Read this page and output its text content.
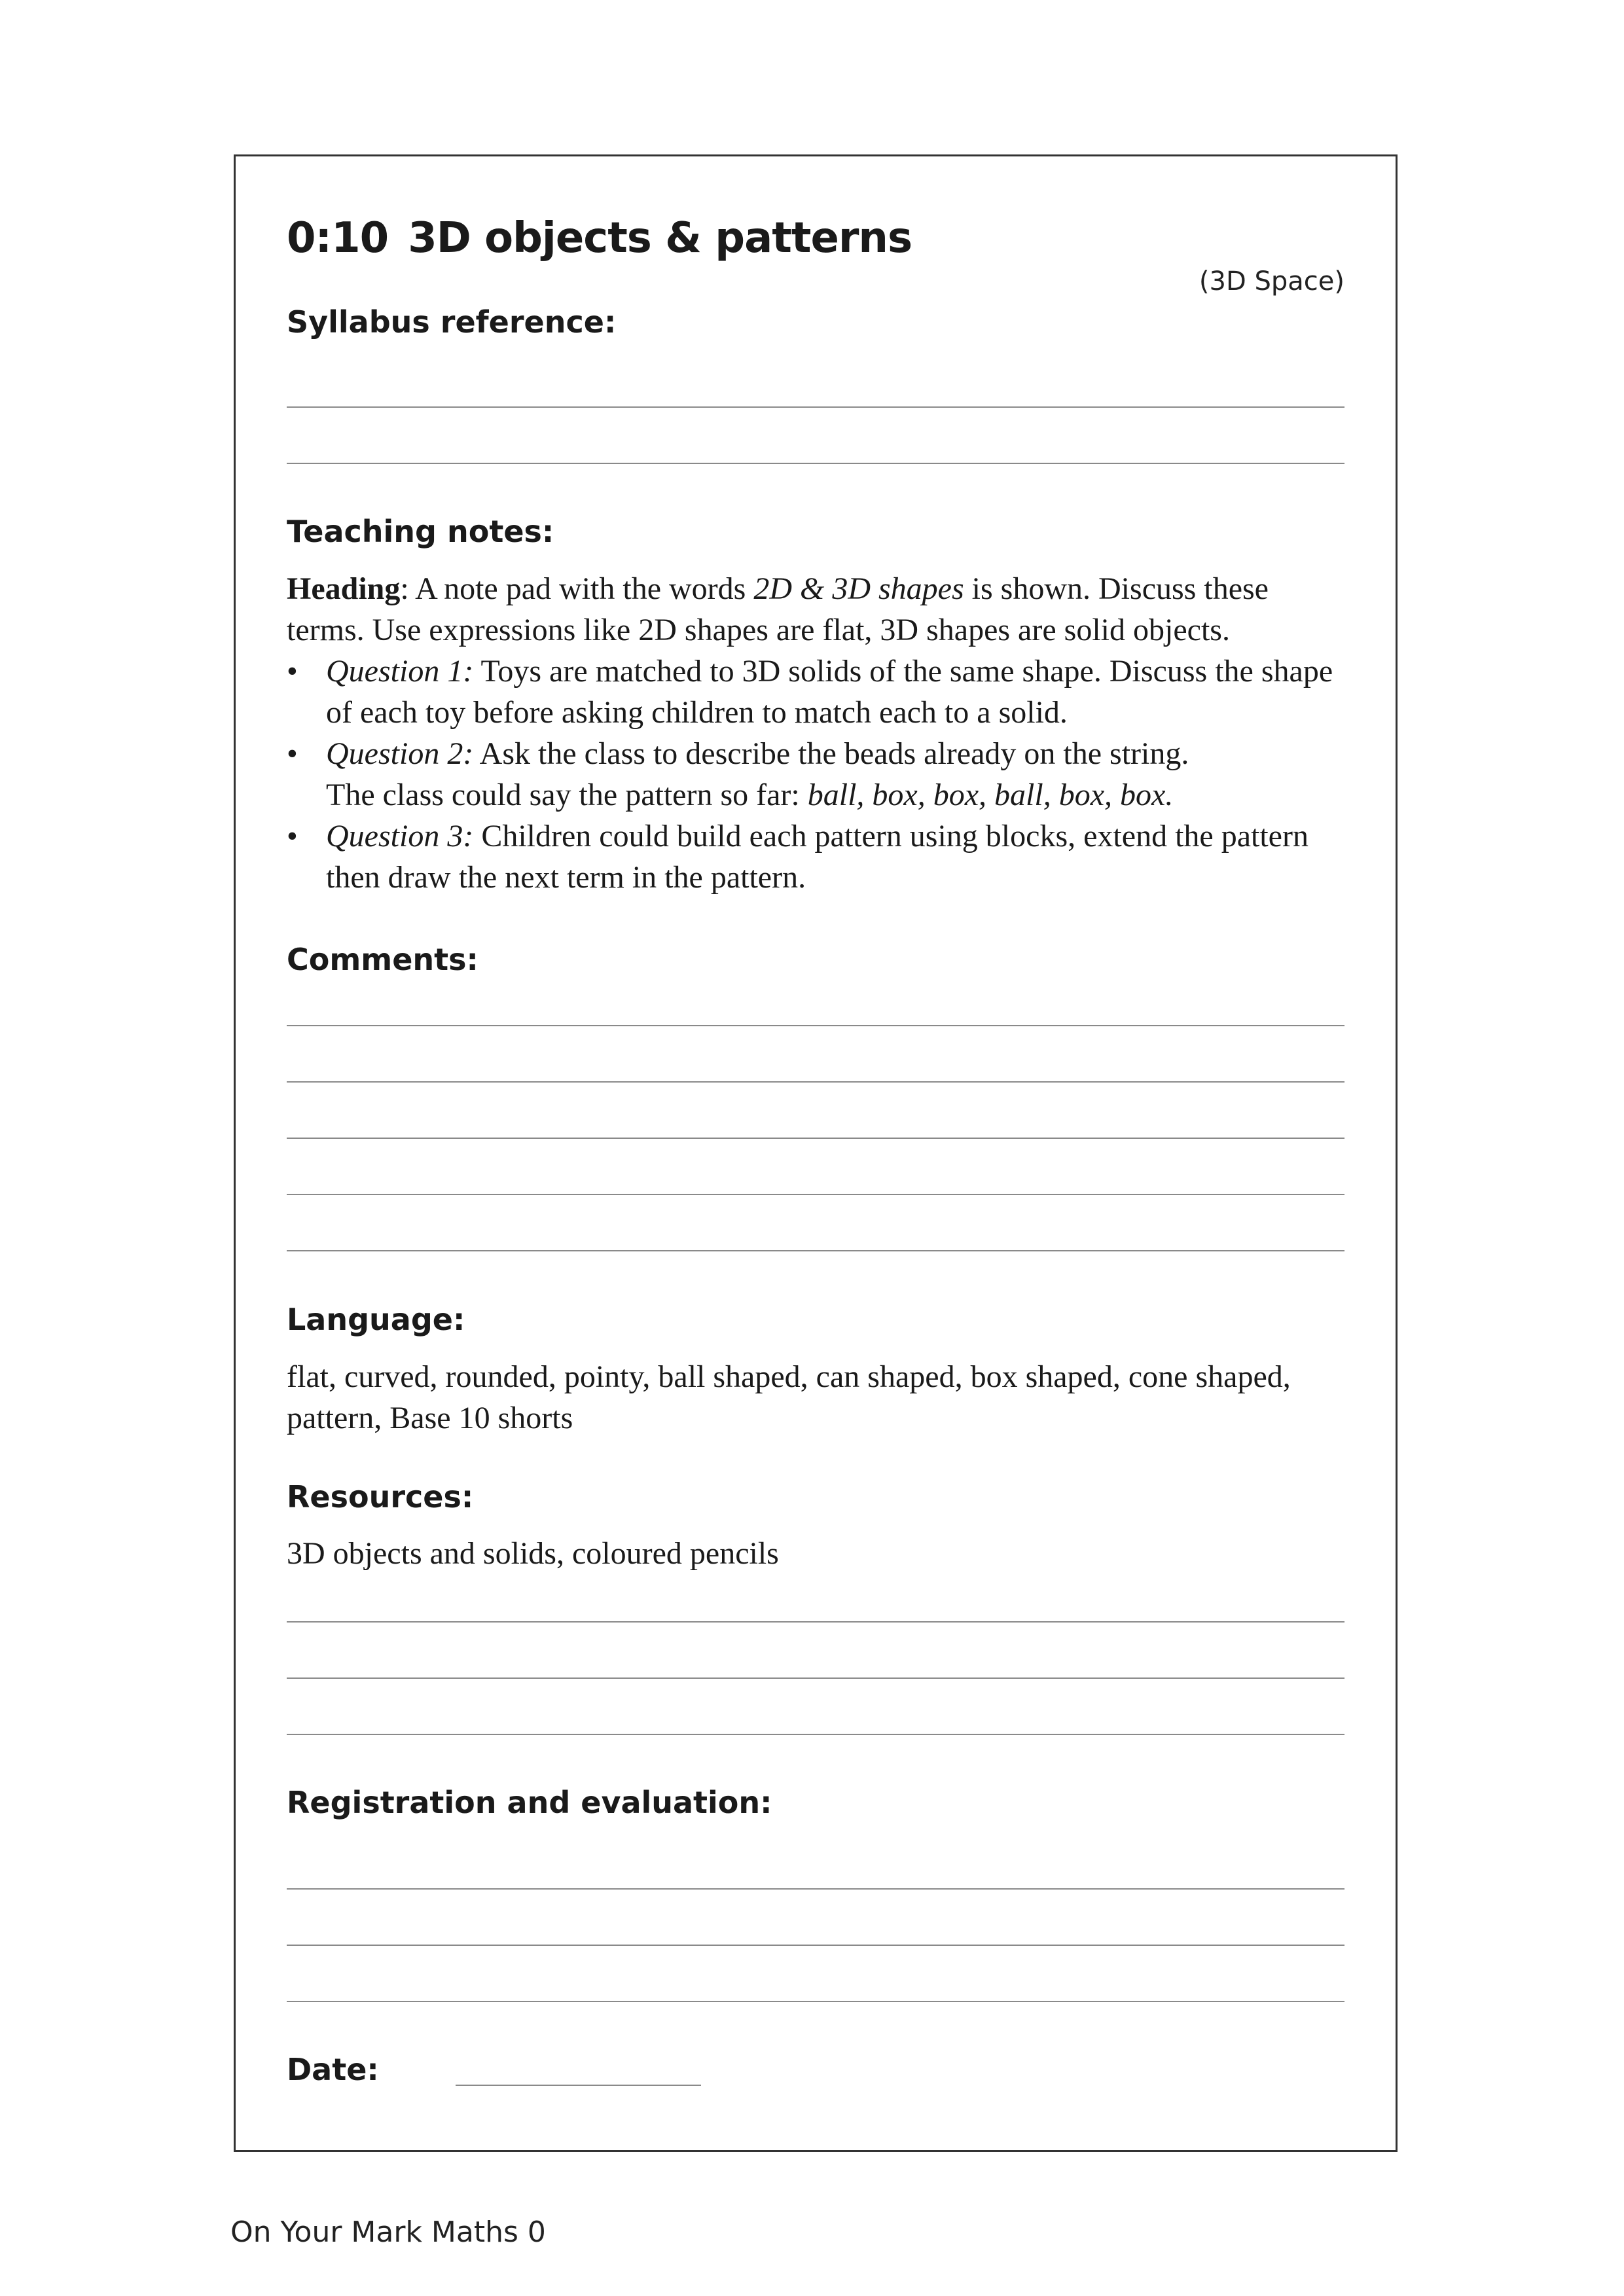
0:10 3D objects & patterns
(3D Space)
Syllabus reference:
Teaching notes:

Heading: A note pad with the words 2D & 3D shapes is shown. Discuss these terms. Use expressions like 2D shapes are flat, 3D shapes are solid objects.

• Question 1: Toys are matched to 3D solids of the same shape. Discuss the shape of each toy before asking children to match each to a solid.
• Question 2: Ask the class to describe the beads already on the string.
The class could say the pattern so far: ball, box, box, ball, box, box.
• Question 3: Children could build each pattern using blocks, extend the pattern then draw the next term in the pattern.
Comments:
Language:
flat, curved, rounded, pointy, ball shaped, can shaped, box shaped, cone shaped, pattern, Base 10 shorts
Resources:
3D objects and solids, coloured pencils
Registration and evaluation:
Date:
On Your Mark Maths 0
